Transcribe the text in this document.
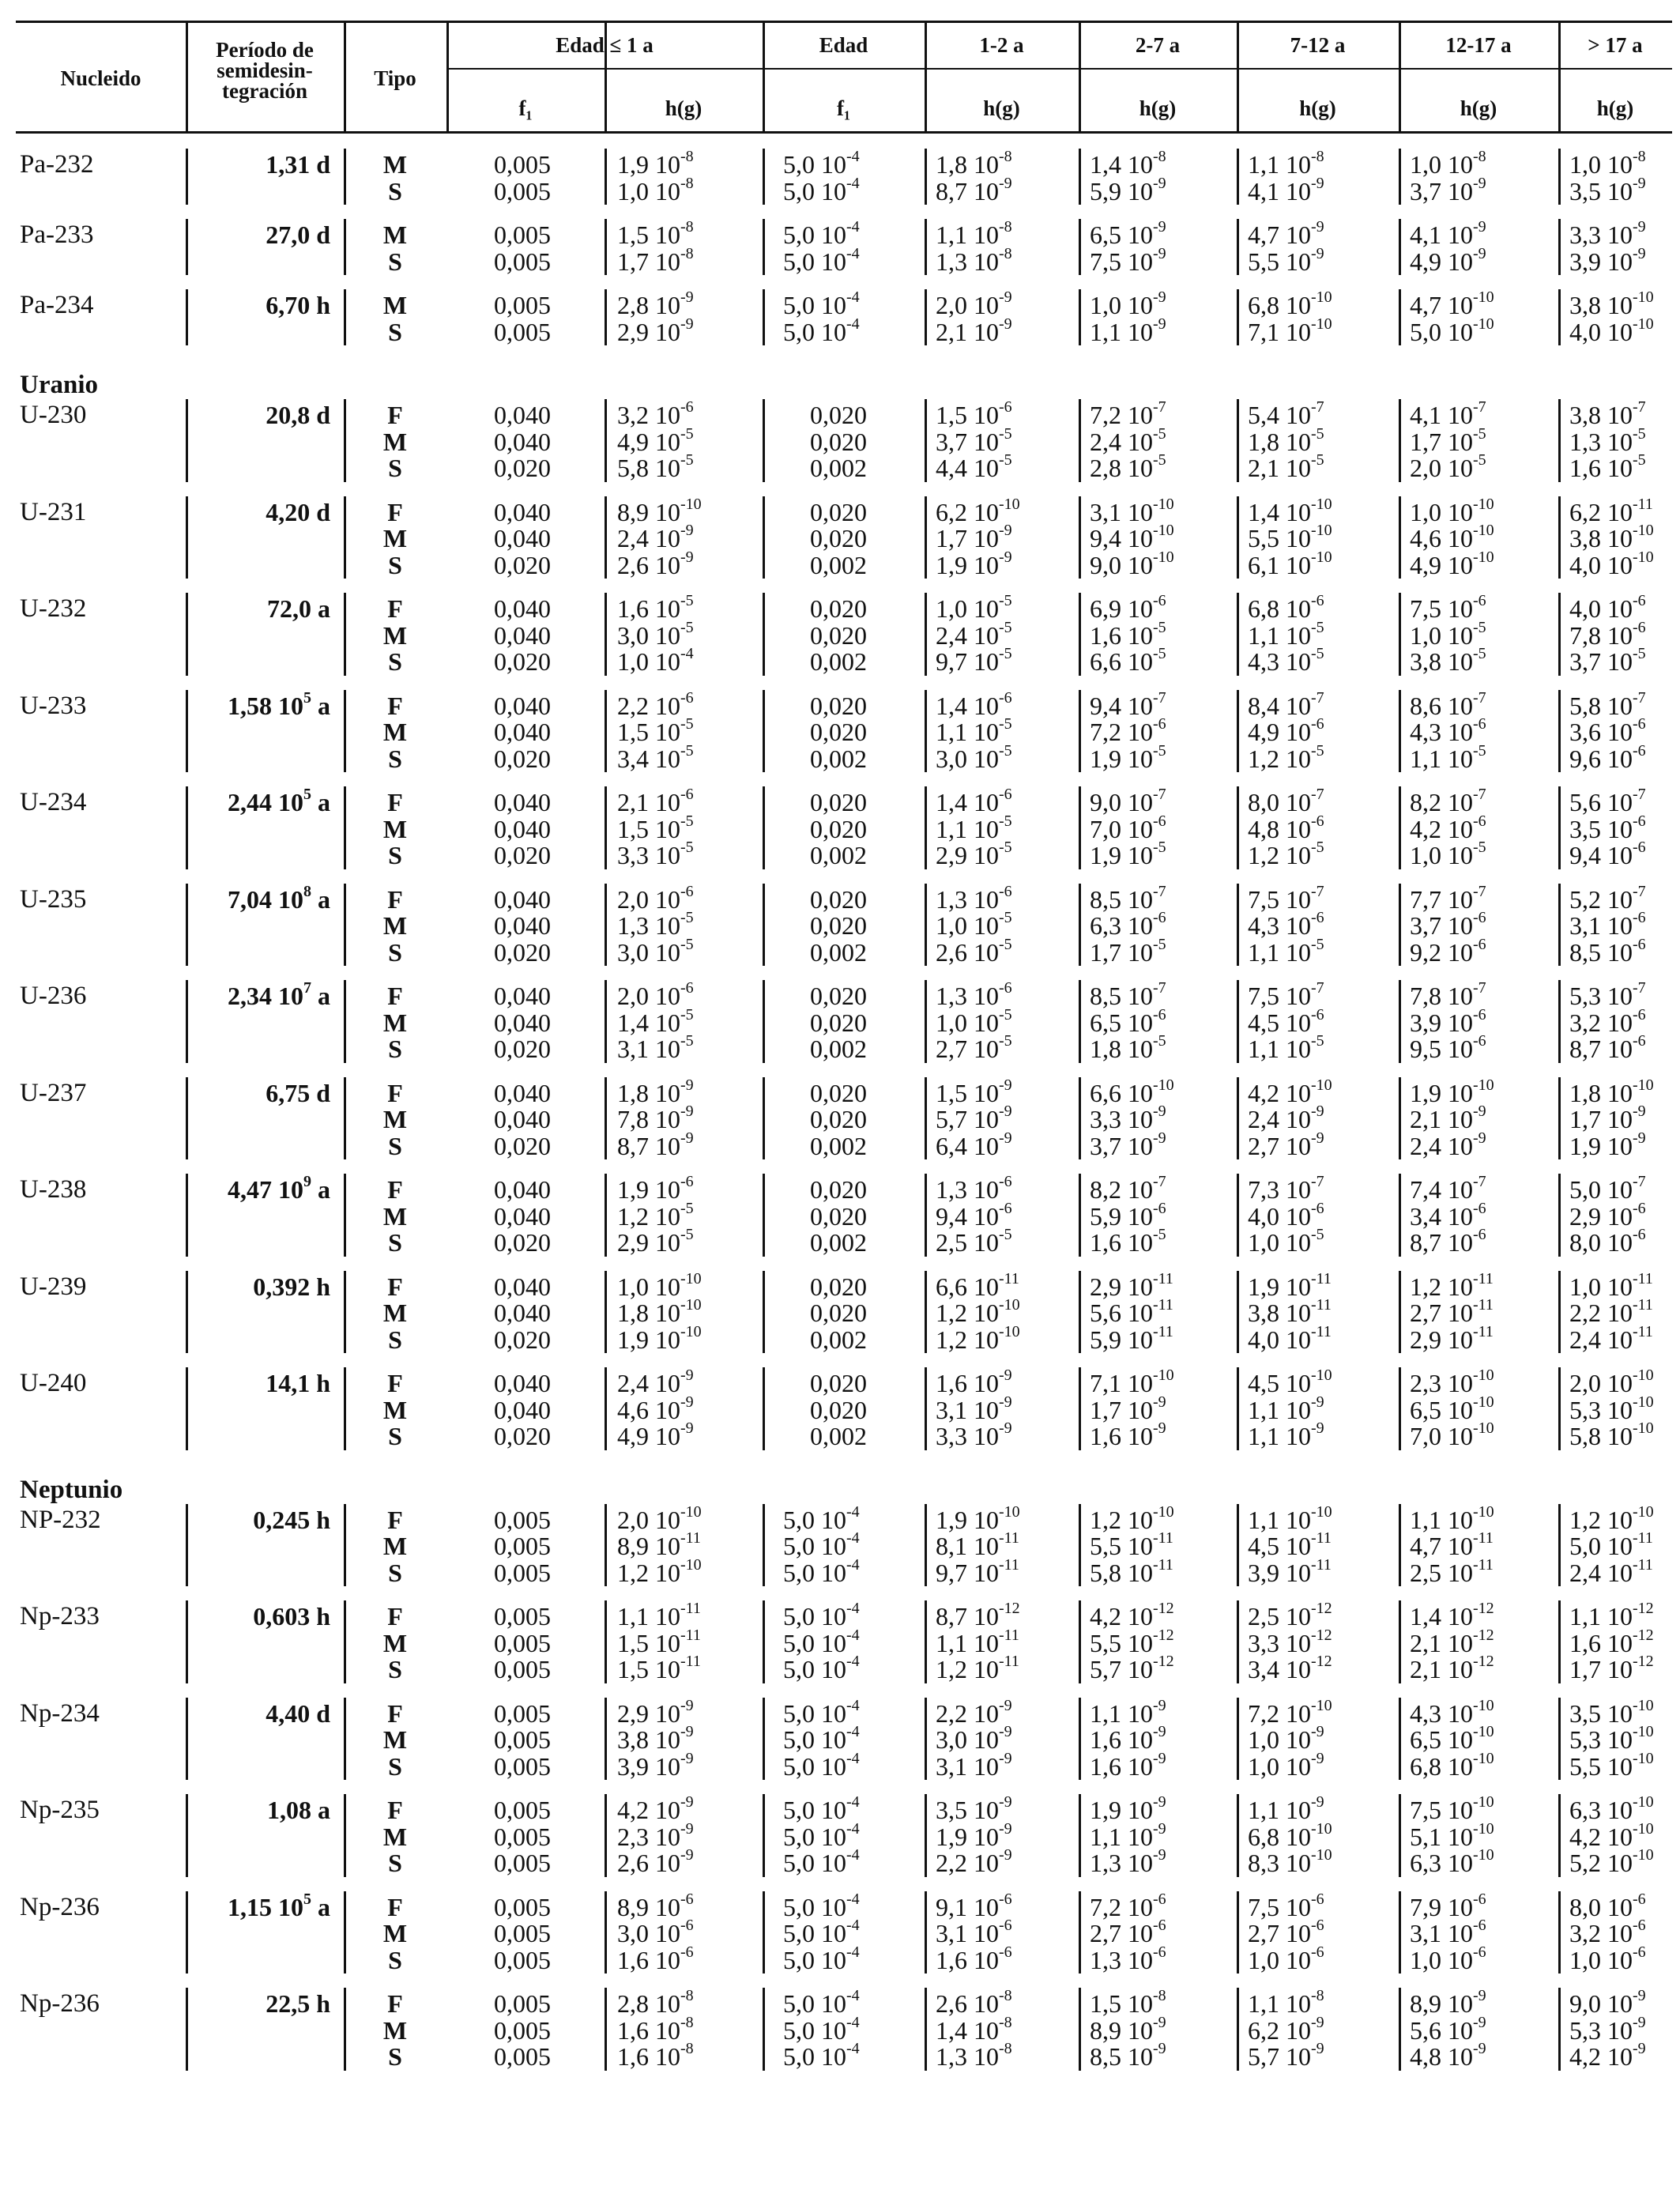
Nucleido
Período de
semidesin-
tegración
Tipo
Edad ≤ 1 a	Edad	1-2 a	2-7 a	7-12 a	12-17 a	> 17 a
f₁	h(g)	f₁	h(g)	h(g)	h(g)	h(g)	h(g)
Pa-232	1,31 d	M	0,005	1,9 $10^{-8}$	5,0 $10^{-4}$	1,8 $10^{-8}$	1,4 $10^{-8}$	1,1 $10^{-8}$	1,0 $10^{-8}$	1,0 $10^{-8}$
S	0,005	1,0 $10^{-8}$	5,0 $10^{-4}$	8,7 $10^{-9}$	5,9 $10^{-9}$	4,1 $10^{-9}$	3,7 $10^{-9}$	3,5 $10^{-9}$
Pa-233	27,0 d	M	0,005	1,5 $10^{-8}$	5,0 $10^{-4}$	1,1 $10^{-8}$	6,5 $10^{-9}$	4,7 $10^{-9}$	4,1 $10^{-9}$	3,3 $10^{-9}$
S	0,005	1,7 $10^{-8}$	5,0 $10^{-4}$	1,3 $10^{-8}$	7,5 $10^{-9}$	5,5 $10^{-9}$	4,9 $10^{-9}$	3,9 $10^{-9}$
Pa-234	6,70 h	M	0,005	2,8 $10^{-9}$	5,0 $10^{-4}$	2,0 $10^{-9}$	1,0 $10^{-9}$	6,8 $10^{-10}$	4,7 $10^{-10}$	3,8 $10^{-10}$
S	0,005	2,9 $10^{-9}$	5,0 $10^{-4}$	2,1 $10^{-9}$	1,1 $10^{-9}$	7,1 $10^{-10}$	5,0 $10^{-10}$	4,0 $10^{-10}$
Uranio
U-230	20,8 d	F	0,040	3,2 $10^{-6}$	0,020	1,5 $10^{-6}$	7,2 $10^{-7}$	5,4 $10^{-7}$	4,1 $10^{-7}$	3,8 $10^{-7}$
M	0,040	4,9 $10^{-5}$	0,020	3,7 $10^{-5}$	2,4 $10^{-5}$	1,8 $10^{-5}$	1,7 $10^{-5}$	1,3 $10^{-5}$
S	0,020	5,8 $10^{-5}$	0,002	4,4 $10^{-5}$	2,8 $10^{-5}$	2,1 $10^{-5}$	2,0 $10^{-5}$	1,6 $10^{-5}$
U-231	4,20 d	F	0,040	8,9 $10^{-10}$	0,020	6,2 $10^{-10}$	3,1 $10^{-10}$	1,4 $10^{-10}$	1,0 $10^{-10}$	6,2 $10^{-11}$
M	0,040	2,4 $10^{-9}$	0,020	1,7 $10^{-9}$	9,4 $10^{-10}$	5,5 $10^{-10}$	4,6 $10^{-10}$	3,8 $10^{-10}$
S	0,020	2,6 $10^{-9}$	0,002	1,9 $10^{-9}$	9,0 $10^{-10}$	6,1 $10^{-10}$	4,9 $10^{-10}$	4,0 $10^{-10}$
U-232	72,0 a	F	0,040	1,6 $10^{-5}$	0,020	1,0 $10^{-5}$	6,9 $10^{-6}$	6,8 $10^{-6}$	7,5 $10^{-6}$	4,0 $10^{-6}$
M	0,040	3,0 $10^{-5}$	0,020	2,4 $10^{-5}$	1,6 $10^{-5}$	1,1 $10^{-5}$	1,0 $10^{-5}$	7,8 $10^{-6}$
S	0,020	1,0 $10^{-4}$	0,002	9,7 $10^{-5}$	6,6 $10^{-5}$	4,3 $10^{-5}$	3,8 $10^{-5}$	3,7 $10^{-5}$
U-233	1,58 $10^5$ a	F	0,040	2,2 $10^{-6}$	0,020	1,4 $10^{-6}$	9,4 $10^{-7}$	8,4 $10^{-7}$	8,6 $10^{-7}$	5,8 $10^{-7}$
M	0,040	1,5 $10^{-5}$	0,020	1,1 $10^{-5}$	7,2 $10^{-6}$	4,9 $10^{-6}$	4,3 $10^{-6}$	3,6 $10^{-6}$
S	0,020	3,4 $10^{-5}$	0,002	3,0 $10^{-5}$	1,9 $10^{-5}$	1,2 $10^{-5}$	1,1 $10^{-5}$	9,6 $10^{-6}$
U-234	2,44 $10^5$ a	F	0,040	2,1 $10^{-6}$	0,020	1,4 $10^{-6}$	9,0 $10^{-7}$	8,0 $10^{-7}$	8,2 $10^{-7}$	5,6 $10^{-7}$
M	0,040	1,5 $10^{-5}$	0,020	1,1 $10^{-5}$	7,0 $10^{-6}$	4,8 $10^{-6}$	4,2 $10^{-6}$	3,5 $10^{-6}$
S	0,020	3,3 $10^{-5}$	0,002	2,9 $10^{-5}$	1,9 $10^{-5}$	1,2 $10^{-5}$	1,0 $10^{-5}$	9,4 $10^{-6}$
U-235	7,04 $10^8$ a	F	0,040	2,0 $10^{-6}$	0,020	1,3 $10^{-6}$	8,5 $10^{-7}$	7,5 $10^{-7}$	7,7 $10^{-7}$	5,2 $10^{-7}$
M	0,040	1,3 $10^{-5}$	0,020	1,0 $10^{-5}$	6,3 $10^{-6}$	4,3 $10^{-6}$	3,7 $10^{-6}$	3,1 $10^{-6}$
S	0,020	3,0 $10^{-5}$	0,002	2,6 $10^{-5}$	1,7 $10^{-5}$	1,1 $10^{-5}$	9,2 $10^{-6}$	8,5 $10^{-6}$
U-236	2,34 $10^7$ a	F	0,040	2,0 $10^{-6}$	0,020	1,3 $10^{-6}$	8,5 $10^{-7}$	7,5 $10^{-7}$	7,8 $10^{-7}$	5,3 $10^{-7}$
M	0,040	1,4 $10^{-5}$	0,020	1,0 $10^{-5}$	6,5 $10^{-6}$	4,5 $10^{-6}$	3,9 $10^{-6}$	3,2 $10^{-6}$
S	0,020	3,1 $10^{-5}$	0,002	2,7 $10^{-5}$	1,8 $10^{-5}$	1,1 $10^{-5}$	9,5 $10^{-6}$	8,7 $10^{-6}$
U-237	6,75 d	F	0,040	1,8 $10^{-9}$	0,020	1,5 $10^{-9}$	6,6 $10^{-10}$	4,2 $10^{-10}$	1,9 $10^{-10}$	1,8 $10^{-10}$
M	0,040	7,8 $10^{-9}$	0,020	5,7 $10^{-9}$	3,3 $10^{-9}$	2,4 $10^{-9}$	2,1 $10^{-9}$	1,7 $10^{-9}$
S	0,020	8,7 $10^{-9}$	0,002	6,4 $10^{-9}$	3,7 $10^{-9}$	2,7 $10^{-9}$	2,4 $10^{-9}$	1,9 $10^{-9}$
U-238	4,47 $10^9$ a	F	0,040	1,9 $10^{-6}$	0,020	1,3 $10^{-6}$	8,2 $10^{-7}$	7,3 $10^{-7}$	7,4 $10^{-7}$	5,0 $10^{-7}$
M	0,040	1,2 $10^{-5}$	0,020	9,4 $10^{-6}$	5,9 $10^{-6}$	4,0 $10^{-6}$	3,4 $10^{-6}$	2,9 $10^{-6}$
S	0,020	2,9 $10^{-5}$	0,002	2,5 $10^{-5}$	1,6 $10^{-5}$	1,0 $10^{-5}$	8,7 $10^{-6}$	8,0 $10^{-6}$
U-239	0,392 h	F	0,040	1,0 $10^{-10}$	0,020	6,6 $10^{-11}$	2,9 $10^{-11}$	1,9 $10^{-11}$	1,2 $10^{-11}$	1,0 $10^{-11}$
M	0,040	1,8 $10^{-10}$	0,020	1,2 $10^{-10}$	5,6 $10^{-11}$	3,8 $10^{-11}$	2,7 $10^{-11}$	2,2 $10^{-11}$
S	0,020	1,9 $10^{-10}$	0,002	1,2 $10^{-10}$	5,9 $10^{-11}$	4,0 $10^{-11}$	2,9 $10^{-11}$	2,4 $10^{-11}$
U-240	14,1 h	F	0,040	2,4 $10^{-9}$	0,020	1,6 $10^{-9}$	7,1 $10^{-10}$	4,5 $10^{-10}$	2,3 $10^{-10}$	2,0 $10^{-10}$
M	0,040	4,6 $10^{-9}$	0,020	3,1 $10^{-9}$	1,7 $10^{-9}$	1,1 $10^{-9}$	6,5 $10^{-10}$	5,3 $10^{-10}$
S	0,020	4,9 $10^{-9}$	0,002	3,3 $10^{-9}$	1,6 $10^{-9}$	1,1 $10^{-9}$	7,0 $10^{-10}$	5,8 $10^{-10}$
Neptunio
NP-232	0,245 h	F	0,005	2,0 $10^{-10}$	5,0 $10^{-4}$	1,9 $10^{-10}$	1,2 $10^{-10}$	1,1 $10^{-10}$	1,1 $10^{-10}$	1,2 $10^{-10}$
M	0,005	8,9 $10^{-11}$	5,0 $10^{-4}$	8,1 $10^{-11}$	5,5 $10^{-11}$	4,5 $10^{-11}$	4,7 $10^{-11}$	5,0 $10^{-11}$
S	0,005	1,2 $10^{-10}$	5,0 $10^{-4}$	9,7 $10^{-11}$	5,8 $10^{-11}$	3,9 $10^{-11}$	2,5 $10^{-11}$	2,4 $10^{-11}$
Np-233	0,603 h	F	0,005	1,1 $10^{-11}$	5,0 $10^{-4}$	8,7 $10^{-12}$	4,2 $10^{-12}$	2,5 $10^{-12}$	1,4 $10^{-12}$	1,1 $10^{-12}$
M	0,005	1,5 $10^{-11}$	5,0 $10^{-4}$	1,1 $10^{-11}$	5,5 $10^{-12}$	3,3 $10^{-12}$	2,1 $10^{-12}$	1,6 $10^{-12}$
S	0,005	1,5 $10^{-11}$	5,0 $10^{-4}$	1,2 $10^{-11}$	5,7 $10^{-12}$	3,4 $10^{-12}$	2,1 $10^{-12}$	1,7 $10^{-12}$
Np-234	4,40 d	F	0,005	2,9 $10^{-9}$	5,0 $10^{-4}$	2,2 $10^{-9}$	1,1 $10^{-9}$	7,2 $10^{-10}$	4,3 $10^{-10}$	3,5 $10^{-10}$
M	0,005	3,8 $10^{-9}$	5,0 $10^{-4}$	3,0 $10^{-9}$	1,6 $10^{-9}$	1,0 $10^{-9}$	6,5 $10^{-10}$	5,3 $10^{-10}$
S	0,005	3,9 $10^{-9}$	5,0 $10^{-4}$	3,1 $10^{-9}$	1,6 $10^{-9}$	1,0 $10^{-9}$	6,8 $10^{-10}$	5,5 $10^{-10}$
Np-235	1,08 a	F	0,005	4,2 $10^{-9}$	5,0 $10^{-4}$	3,5 $10^{-9}$	1,9 $10^{-9}$	1,1 $10^{-9}$	7,5 $10^{-10}$	6,3 $10^{-10}$
M	0,005	2,3 $10^{-9}$	5,0 $10^{-4}$	1,9 $10^{-9}$	1,1 $10^{-9}$	6,8 $10^{-10}$	5,1 $10^{-10}$	4,2 $10^{-10}$
S	0,005	2,6 $10^{-9}$	5,0 $10^{-4}$	2,2 $10^{-9}$	1,3 $10^{-9}$	8,3 $10^{-10}$	6,3 $10^{-10}$	5,2 $10^{-10}$
Np-236	1,15 $10^5$ a	F	0,005	8,9 $10^{-6}$	5,0 $10^{-4}$	9,1 $10^{-6}$	7,2 $10^{-6}$	7,5 $10^{-6}$	7,9 $10^{-6}$	8,0 $10^{-6}$
M	0,005	3,0 $10^{-6}$	5,0 $10^{-4}$	3,1 $10^{-6}$	2,7 $10^{-6}$	2,7 $10^{-6}$	3,1 $10^{-6}$	3,2 $10^{-6}$
S	0,005	1,6 $10^{-6}$	5,0 $10^{-4}$	1,6 $10^{-6}$	1,3 $10^{-6}$	1,0 $10^{-6}$	1,0 $10^{-6}$	1,0 $10^{-6}$
Np-236	22,5 h	F	0,005	2,8 $10^{-8}$	5,0 $10^{-4}$	2,6 $10^{-8}$	1,5 $10^{-8}$	1,1 $10^{-8}$	8,9 $10^{-9}$	9,0 $10^{-9}$
M	0,005	1,6 $10^{-8}$	5,0 $10^{-4}$	1,4 $10^{-8}$	8,9 $10^{-9}$	6,2 $10^{-9}$	5,6 $10^{-9}$	5,3 $10^{-9}$
S	0,005	1,6 $10^{-8}$	5,0 $10^{-4}$	1,3 $10^{-8}$	8,5 $10^{-9}$	5,7 $10^{-9}$	4,8 $10^{-9}$	4,2 $10^{-9}$
